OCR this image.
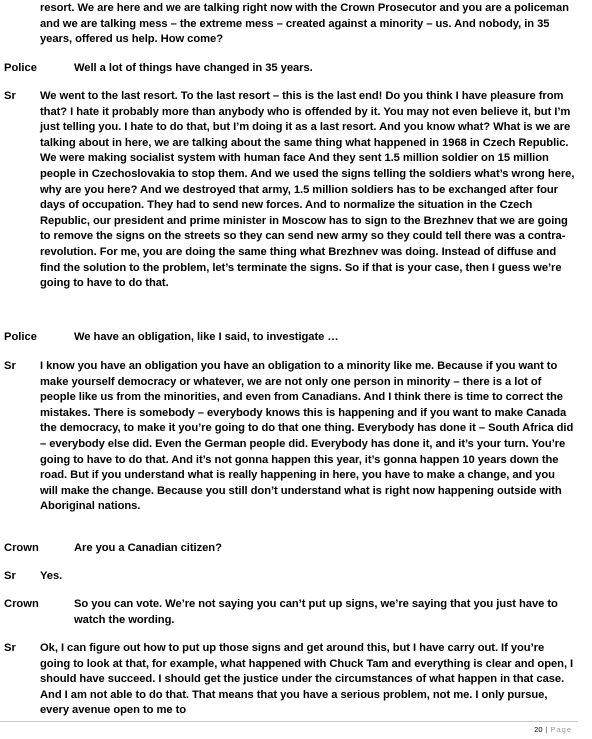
resort. We are here and we are talking right now with the Crown Prosecutor and you are a policeman and we are talking mess – the extreme mess – created against a minority – us. And nobody, in 35 years, offered us help. How come?
Police	Well a lot of things have changed in 35 years.
Sr We went to the last resort. To the last resort – this is the last end! Do you think I have pleasure from that? I hate it probably more than anybody who is offended by it. You may not even believe it, but I’m just telling you. I hate to do that, but I’m doing it as a last resort. And you know what? What is we are talking about in here, we are talking about the same thing what happened in 1968 in Czech Republic. We were making socialist system with human face And they sent 1.5 million soldier on 15 million people in Czechoslovakia to stop them. And we used the signs telling the soldiers what’s wrong here, why are you here? And we destroyed that army, 1.5 million soldiers has to be exchanged after four days of occupation. They had to send new forces. And to normalize the situation in the Czech Republic, our president and prime minister in Moscow has to sign to the Brezhnev that we are going to remove the signs on the streets so they can send new army so they could tell there was a contra-revolution. For me, you are doing the same thing what Brezhnev was doing. Instead of diffuse and find the solution to the problem, let’s terminate the signs. So if that is your case, then I guess we’re going to have to do that.
Police	We have an obligation, like I said, to investigate …
Sr I know you have an obligation you have an obligation to a minority like me. Because if you want to make yourself democracy or whatever, we are not only one person in minority – there is a lot of people like us from the minorities, and even from Canadians. And I think there is time to correct the mistakes. There is somebody – everybody knows this is happening and if you want to make Canada the democracy, to make it you’re going to do that one thing. Everybody has done it – South Africa did – everybody else did. Even the German people did. Everybody has done it, and it’s your turn. You’re going to have to do that. And it’s not gonna happen this year, it’s gonna happen 10 years down the road. But if you understand what is really happening in here, you have to make a change, and you will make the change. Because you still don’t understand what is right now happening outside with Aboriginal nations.
Crown	Are you a Canadian citizen?
Sr Yes.
Crown	So you can vote. We’re not saying you can’t put up signs, we’re saying that you just have to watch the wording.
Sr Ok, I can figure out how to put up those signs and get around this, but I have carry out. If you’re going to look at that, for example, what happened with Chuck Tam and everything is clear and open, I should have succeed. I should get the justice under the circumstances of what happen in that case. And I am not able to do that. That means that you have a serious problem, not me. I only pursue, every avenue open to me to
20 | Page
